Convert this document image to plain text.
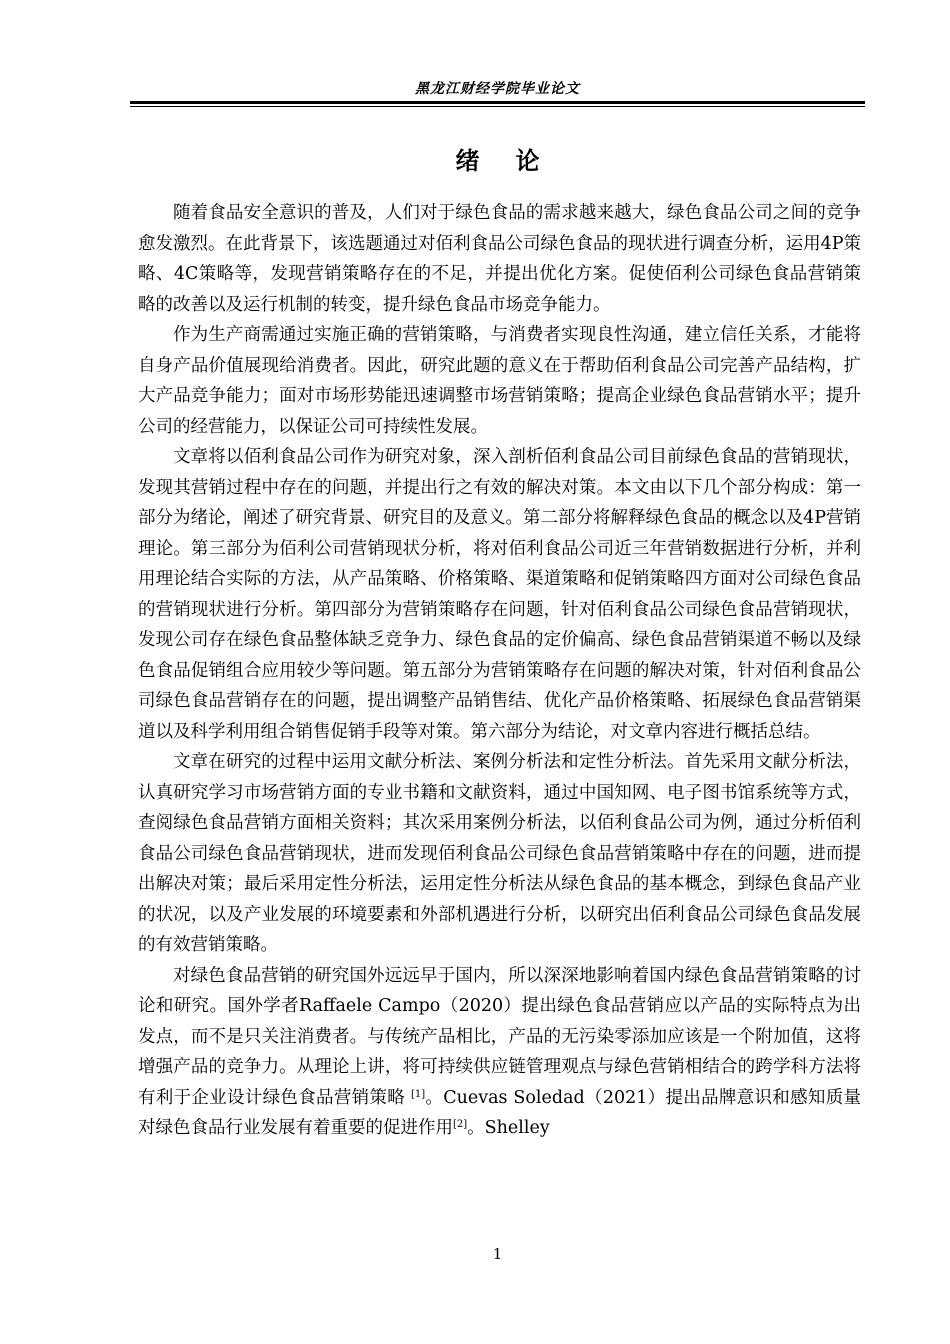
黑龙江财经学院毕业论文
绪论

随着食品安全意识的普及，人们对于绿色食品的需求越来越大，绿色食品公司之间的竞争愈发激烈。在此背景下，该选题通过对佰利食品公司绿色食品的现状进行调查分析，运用4P策略、4C策略等，发现营销策略存在的不足，并提出优化方案。促使佰利公司绿色食品营销策略的改善以及运行机制的转变，提升绿色食品市场竞争能力。

作为生产商需通过实施正确的营销策略，与消费者实现良性沟通，建立信任关系，才能将自身产品价值展现给消费者。因此，研究此题的意义在于帮助佰利食品公司完善产品结构，扩大产品竞争能力；面对市场形势能迅速调整市场营销策略；提高企业绿色食品营销水平；提升公司的经营能力，以保证公司可持续性发展。

文章将以佰利食品公司作为研究对象，深入剖析佰利食品公司目前绿色食品的营销现状，发现其营销过程中存在的问题，并提出行之有效的解决对策。本文由以下几个部分构成：第一部分为绪论，阐述了研究背景、研究目的及意义。第二部分将解释绿色食品的概念以及4P营销理论。第三部分为佰利公司营销现状分析，将对佰利食品公司近三年营销数据进行分析，并利用理论结合实际的方法，从产品策略、价格策略、渠道策略和促销策略四方面对公司绿色食品的营销现状进行分析。第四部分为营销策略存在问题，针对佰利食品公司绿色食品营销现状，发现公司存在绿色食品整体缺乏竞争力、绿色食品的定价偏高、绿色食品营销渠道不畅以及绿色食品促销组合应用较少等问题。第五部分为营销策略存在问题的解决对策，针对佰利食品公司绿色食品营销存在的问题，提出调整产品销售结、优化产品价格策略、拓展绿色食品营销渠道以及科学利用组合销售促销手段等对策。第六部分为结论，对文章内容进行概括总结。

文章在研究的过程中运用文献分析法、案例分析法和定性分析法。首先采用文献分析法，认真研究学习市场营销方面的专业书籍和文献资料，通过中国知网、电子图书馆系统等方式，查阅绿色食品营销方面相关资料；其次采用案例分析法，以佰利食品公司为例，通过分析佰利食品公司绿色食品营销现状，进而发现佰利食品公司绿色食品营销策略中存在的问题，进而提出解决对策；最后采用定性分析法，运用定性分析法从绿色食品的基本概念，到绿色食品产业的状况，以及产业发展的环境要素和外部机遇进行分析，以研究出佰利食品公司绿色食品发展的有效营销策略。

对绿色食品营销的研究国外远远早于国内，所以深深地影响着国内绿色食品营销策略的讨论和研究。国外学者Raffaele Campo（2020）提出绿色食品营销应以产品的实际特点为出发点，而不是只关注消费者。与传统产品相比，产品的无污染零添加应该是一个附加值，这将增强产品的竞争力。从理论上讲，将可持续供应链管理观点与绿色营销相结合的跨学科方法将有利于企业设计绿色食品营销策略 [1]。Cuevas Soledad（2021）提出品牌意识和感知质量对绿色食品行业发展有着重要的促进作用[2]。Shelley

1
